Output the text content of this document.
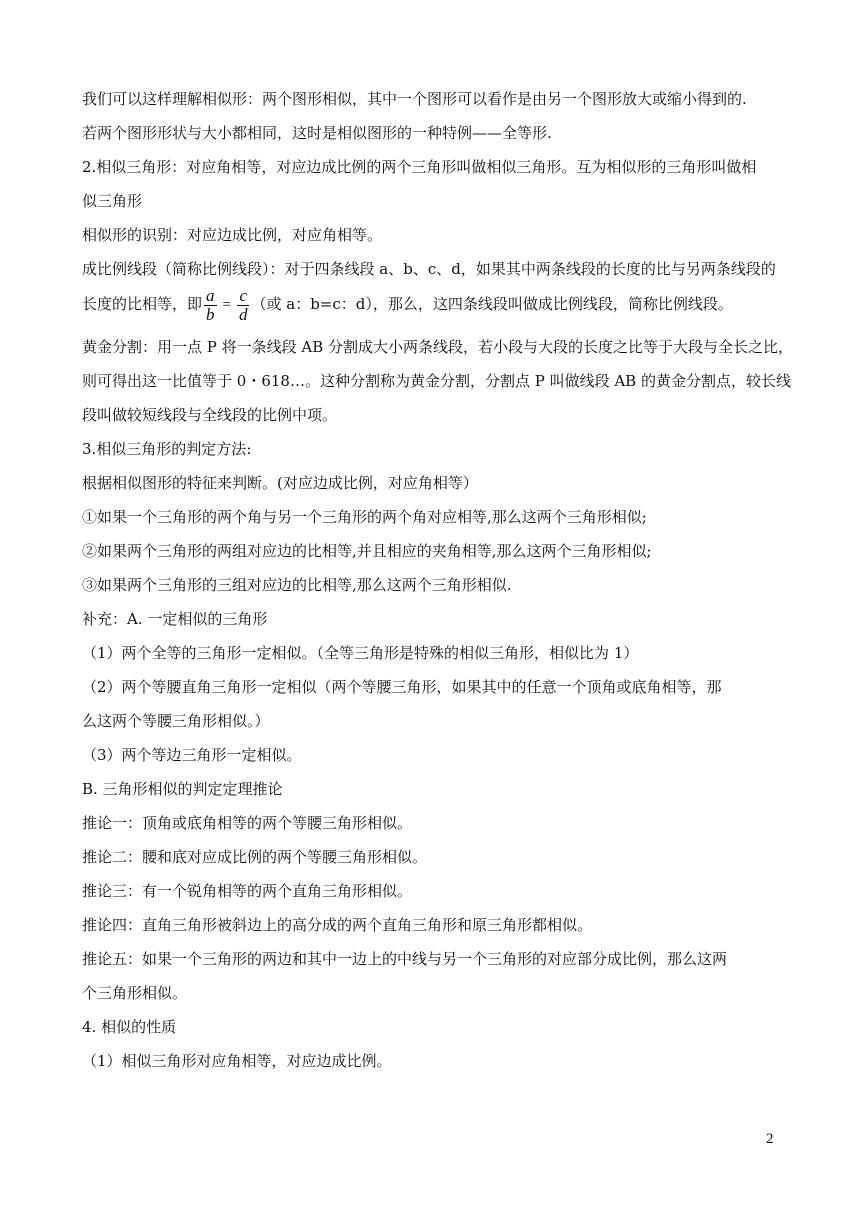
我们可以这样理解相似形：两个图形相似，其中一个图形可以看作是由另一个图形放大或缩小得到的.
若两个图形形状与大小都相同，这时是相似图形的一种特例——全等形.
2.相似三角形：对应角相等，对应边成比例的两个三角形叫做相似三角形。互为相似形的三角形叫做相
似三角形
相似形的识别：对应边成比例，对应角相等。
成比例线段（简称比例线段）：对于四条线段 a、b、c、d，如果其中两条线段的长度的比与另两条线段的
长度的比相等，即 $\frac{a}{b} = \frac{c}{d}$ （或 a：b=c：d），那么，这四条线段叫做成比例线段，简称比例线段。
黄金分割：用一点 P 将一条线段 AB 分割成大小两条线段，若小段与大段的长度之比等于大段与全长之比，
则可得出这一比值等于 0・618…。这种分割称为黄金分割，分割点 P 叫做线段 AB 的黄金分割点，较长线
段叫做较短线段与全线段的比例中项。
3.相似三角形的判定方法:
根据相似图形的特征来判断。(对应边成比例，对应角相等）
①如果一个三角形的两个角与另一个三角形的两个角对应相等,那么这两个三角形相似;
②如果两个三角形的两组对应边的比相等,并且相应的夹角相等,那么这两个三角形相似;
③如果两个三角形的三组对应边的比相等,那么这两个三角形相似.
补充：A. 一定相似的三角形
（1）两个全等的三角形一定相似。（全等三角形是特殊的相似三角形，相似比为 1）
（2）两个等腰直角三角形一定相似（两个等腰三角形，如果其中的任意一个顶角或底角相等，那
么这两个等腰三角形相似。）
（3）两个等边三角形一定相似。
B. 三角形相似的判定定理推论
推论一：顶角或底角相等的两个等腰三角形相似。
推论二：腰和底对应成比例的两个等腰三角形相似。
推论三：有一个锐角相等的两个直角三角形相似。
推论四：直角三角形被斜边上的高分成的两个直角三角形和原三角形都相似。
推论五：如果一个三角形的两边和其中一边上的中线与另一个三角形的对应部分成比例，那么这两
个三角形相似。
4. 相似的性质
（1）相似三角形对应角相等，对应边成比例。
2
